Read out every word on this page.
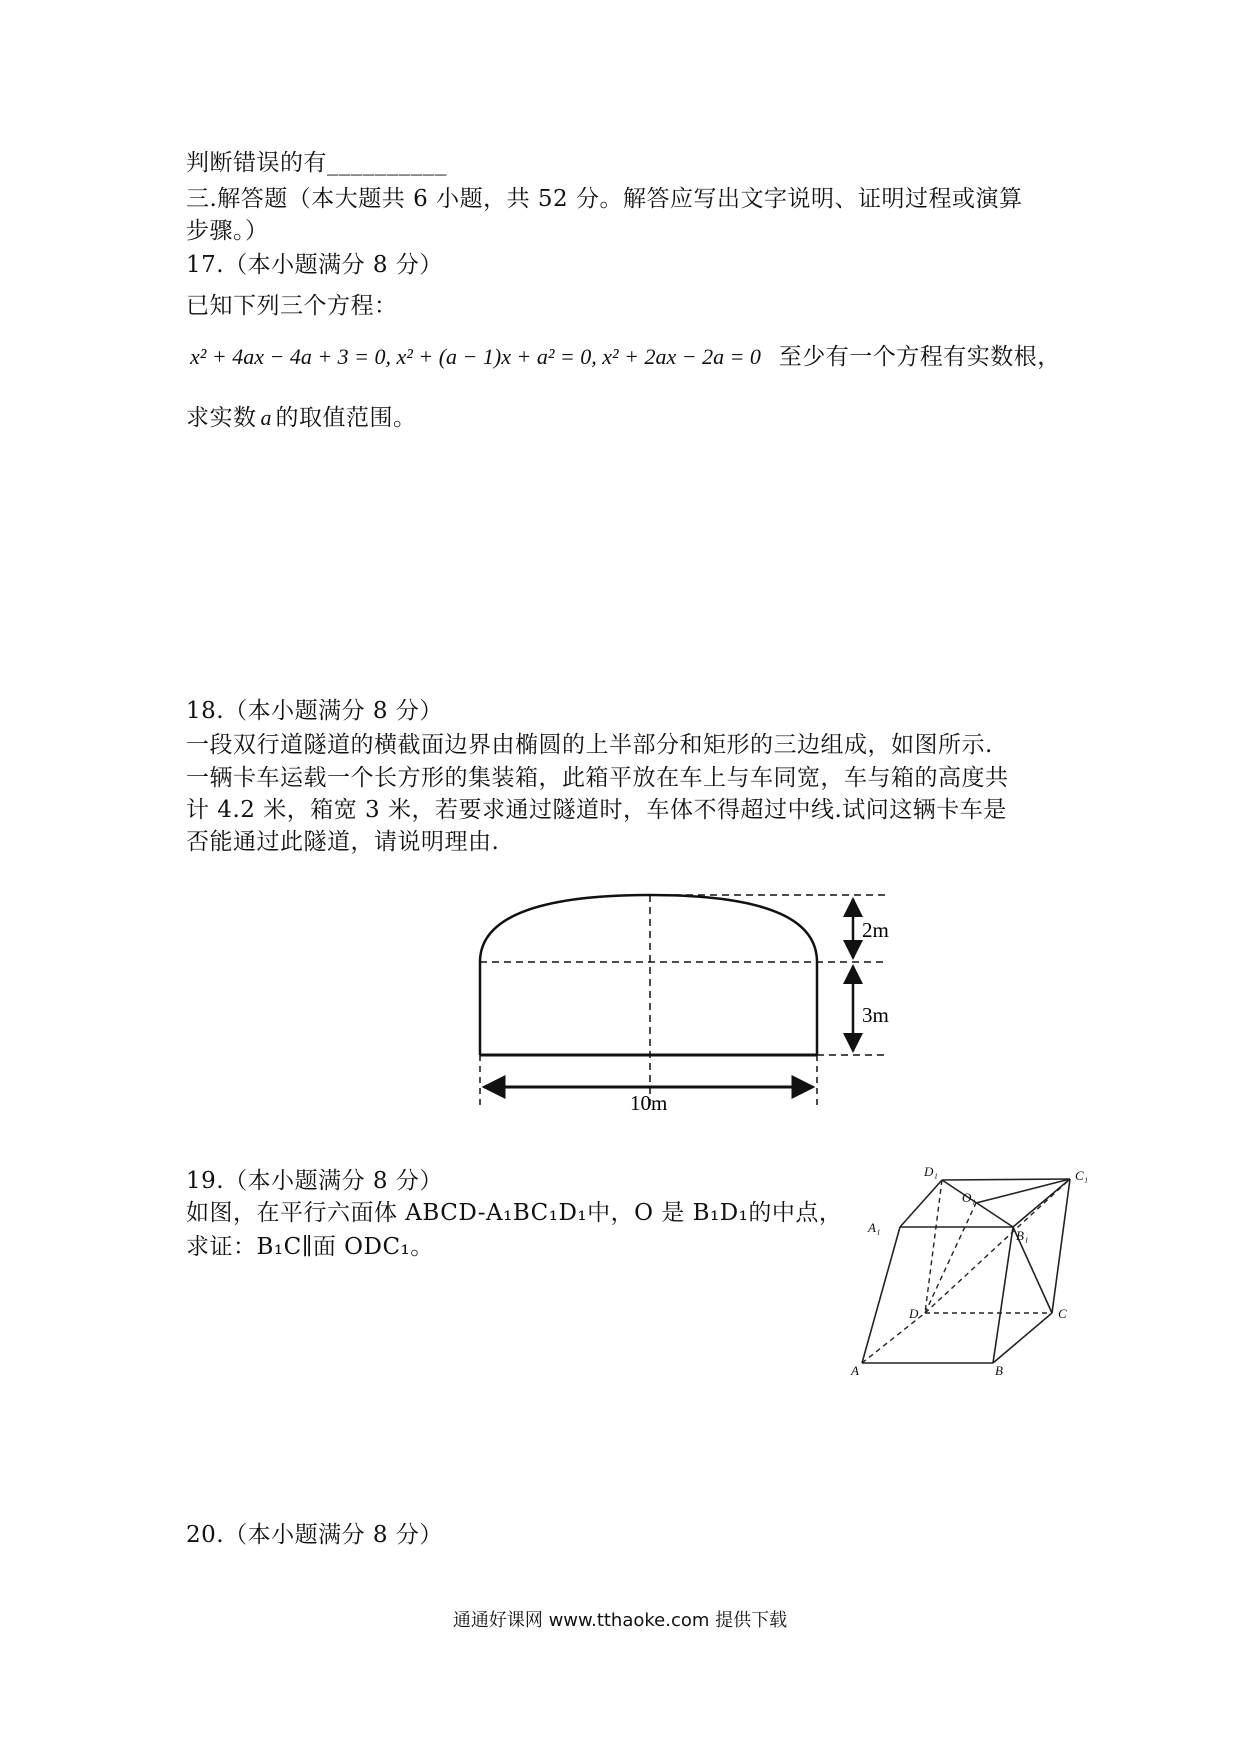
判断错误的有__________
三.解答题（本大题共 6 小题，共 52 分。解答应写出文字说明、证明过程或演算
步骤。）
17.（本小题满分 8 分）
已知下列三个方程：
x² + 4ax − 4a + 3 = 0, x² + (a − 1)x + a² = 0, x² + 2ax − 2a = 0 至少有一个方程有实数根，
求实数 a 的取值范围。
18.（本小题满分 8 分）
一段双行道隧道的横截面边界由椭圆的上半部分和矩形的三边组成，如图所示.
一辆卡车运载一个长方形的集装箱，此箱平放在车上与车同宽，车与箱的高度共
计 4.2 米，箱宽 3 米，若要求通过隧道时，车体不得超过中线.试问这辆卡车是
否能通过此隧道，请说明理由.
2m
3m
10m
19.（本小题满分 8 分）
如图，在平行六面体 ABCD-A₁BC₁D₁中，O 是 B₁D₁的中点，
求证：B₁C∥面 ODC₁。
D₁	C₁
O₁
A₁
B₁
D	C
A	B
20.（本小题满分 8 分）
通通好课网 www.tthaoke.com 提供下载
